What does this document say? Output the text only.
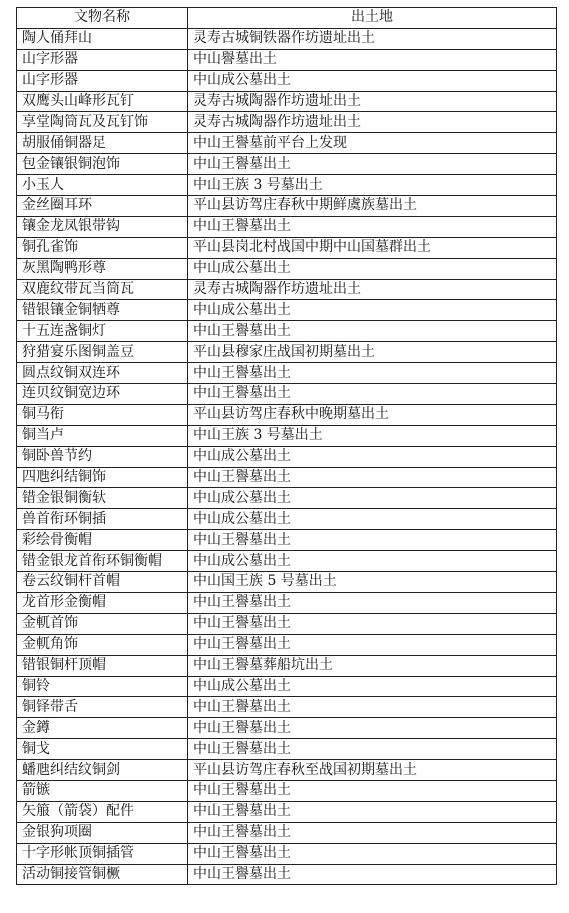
文物名称	出土地
陶人俑拜山	灵寿古城铜铁器作坊遗址出土
山字形器	中山譽墓出土
山字形器	中山成公墓出土
双鹰头山峰形瓦钉	灵寿古城陶器作坊遗址出土
享堂陶筒瓦及瓦钉饰	灵寿古城陶器作坊遗址出土
胡服俑铜器足	中山王譽墓前平台上发现
包金镶银铜泡饰	中山王譽墓出土
小玉人	中山王族 3 号墓出土
金丝圈耳环	平山县访驾庄春秋中期鲜虞族墓出土
镶金龙凤银带钩	中山王譽墓出土
铜孔雀饰	平山县岗北村战国中期中山国墓群出土
灰黑陶鸭形尊	中山成公墓出土
双鹿纹带瓦当筒瓦	灵寿古城陶器作坊遗址出土
错银镶金铜牺尊	中山成公墓出土
十五连盏铜灯	中山王譽墓出土
狩猎宴乐图铜盖豆	平山县穆家庄战国初期墓出土
圆点纹铜双连环	中山王譽墓出土
连贝纹铜宽边环	中山王譽墓出土
铜马衔	平山县访驾庄春秋中晚期墓出土
铜当卢	中山王族 3 号墓出土
铜卧兽节约	中山成公墓出土
四虺纠结铜饰	中山王譽墓出土
错金银铜衡轪	中山成公墓出土
兽首衔环铜插	中山成公墓出土
彩绘骨衡帽	中山王譽墓出土
错金银龙首衔环铜衡帽	中山成公墓出土
卷云纹铜杆首帽	中山国王族 5 号墓出土
龙首形金衡帽	中山王譽墓出土
金軏首饰	中山王譽墓出土
金軏角饰	中山王譽墓出土
错银铜杆顶帽	中山王譽墓葬船坑出土
铜铃	中山成公墓出土
铜铎带舌	中山王譽墓出土
金鐏	中山王譽墓出土
铜戈	中山王譽墓出土
蟠虺纠结纹铜剑	平山县访驾庄春秋至战国初期墓出土
箭镞	中山王譽墓出土
矢箙（箭袋）配件	中山王譽墓出土
金银狗项圈	中山王譽墓出土
十字形帐顶铜插管	中山王譽墓出土
活动铜接管铜橛	中山王譽墓出土
